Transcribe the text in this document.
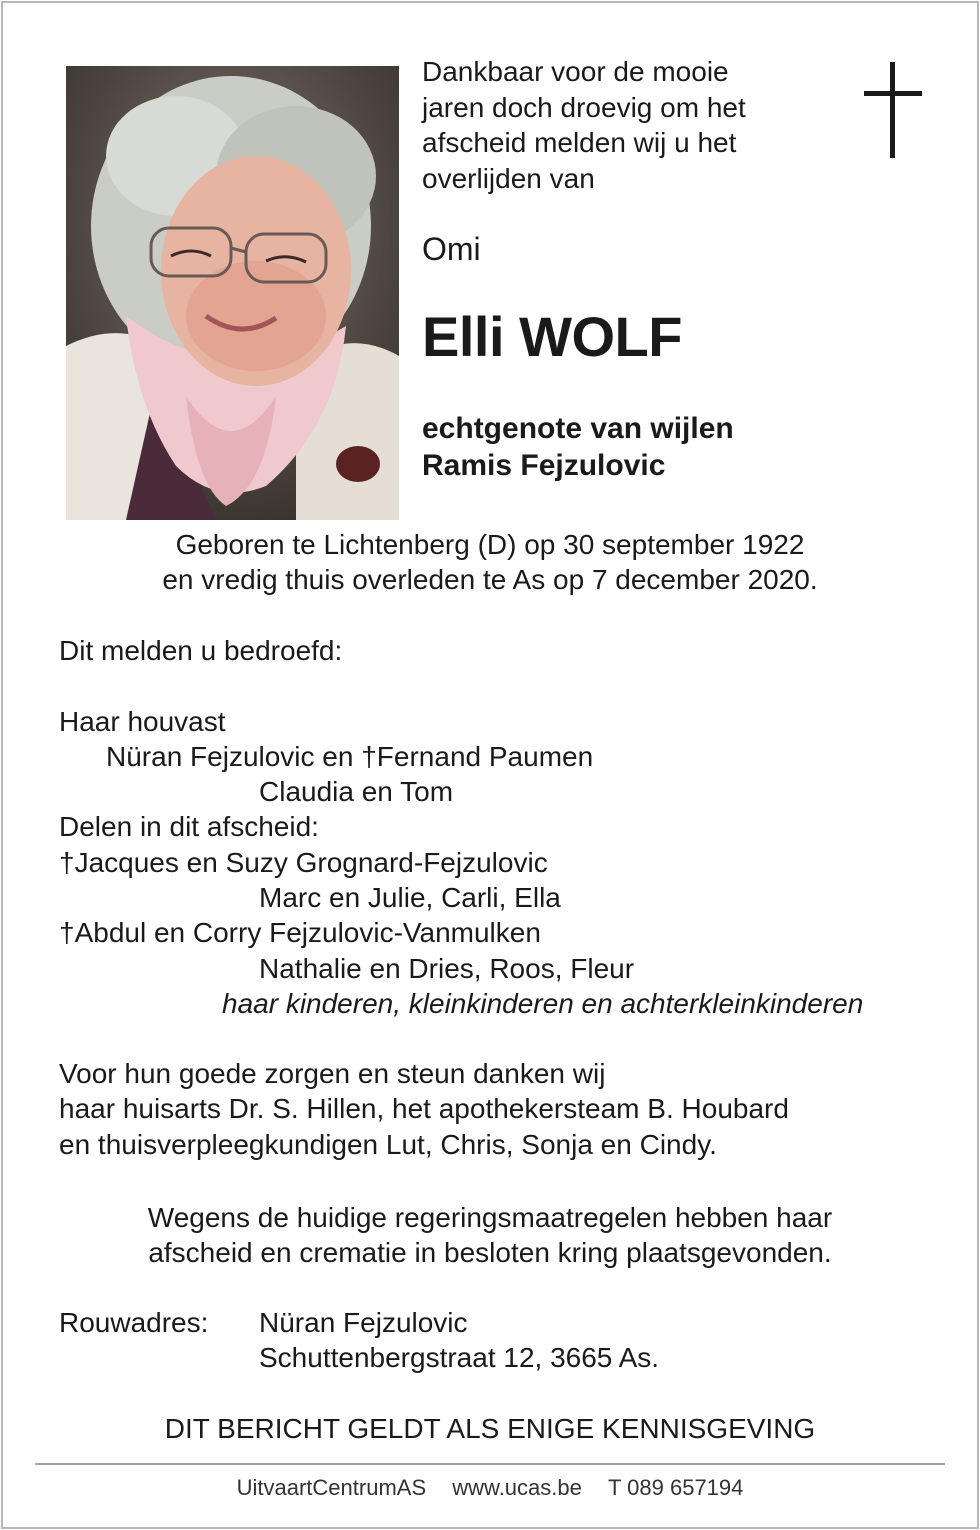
Dankbaar voor de mooie
jaren doch droevig om het
afscheid melden wij u het
overlijden van
Omi
Elli WOLF
echtgenote van wijlen
Ramis Fejzulovic
Geboren te Lichtenberg (D) op 30 september 1922
en vredig thuis overleden te As op 7 december 2020.
Dit melden u bedroefd:
Haar houvast
Nüran Fejzulovic en †Fernand Paumen
Claudia en Tom
Delen in dit afscheid:
†Jacques en Suzy Grognard-Fejzulovic
Marc en Julie, Carli, Ella
†Abdul en Corry Fejzulovic-Vanmulken
Nathalie en Dries, Roos, Fleur
haar kinderen, kleinkinderen en achterkleinkinderen
Voor hun goede zorgen en steun danken wij
haar huisarts Dr. S. Hillen, het apothekersteam B. Houbard
en thuisverpleegkundigen Lut, Chris, Sonja en Cindy.
Wegens de huidige regeringsmaatregelen hebben haar
afscheid en crematie in besloten kring plaatsgevonden.
Rouwadres:	Nüran Fejzulovic
Schuttenbergstraat 12, 3665 As.
DIT BERICHT GELDT ALS ENIGE KENNISGEVING
UitvaartCentrumAS www.ucas.be T 089 657194
